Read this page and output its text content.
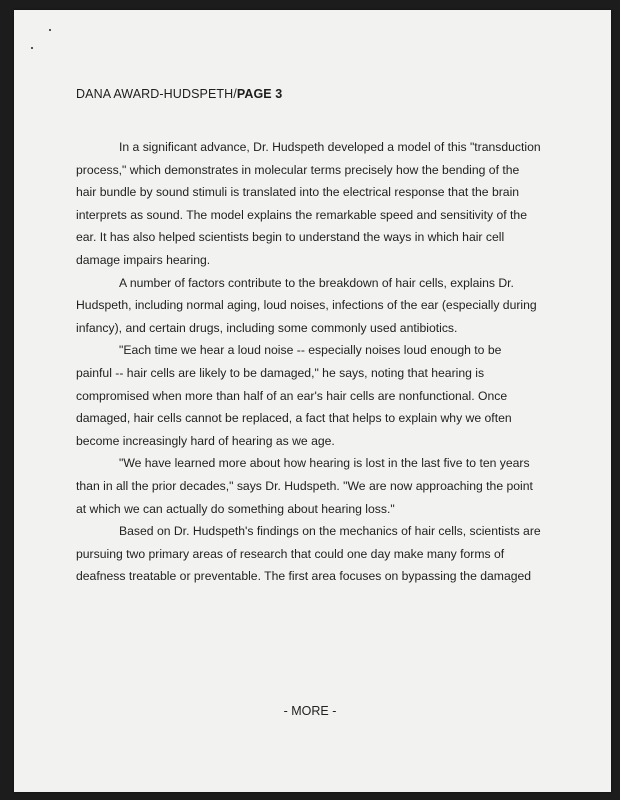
DANA AWARD-HUDSPETH/PAGE 3
In a significant advance, Dr. Hudspeth developed a model of this "transduction
process," which demonstrates in molecular terms precisely how the bending of the
hair bundle by sound stimuli is translated into the electrical response that the brain
interprets as sound. The model explains the remarkable speed and sensitivity of the
ear. It has also helped scientists begin to understand the ways in which hair cell
damage impairs hearing.
A number of factors contribute to the breakdown of hair cells, explains Dr.
Hudspeth, including normal aging, loud noises, infections of the ear (especially during
infancy), and certain drugs, including some commonly used antibiotics.
"Each time we hear a loud noise -- especially noises loud enough to be
painful -- hair cells are likely to be damaged," he says, noting that hearing is
compromised when more than half of an ear's hair cells are nonfunctional. Once
damaged, hair cells cannot be replaced, a fact that helps to explain why we often
become increasingly hard of hearing as we age.
"We have learned more about how hearing is lost in the last five to ten years
than in all the prior decades," says Dr. Hudspeth. "We are now approaching the point
at which we can actually do something about hearing loss."
Based on Dr. Hudspeth's findings on the mechanics of hair cells, scientists are
pursuing two primary areas of research that could one day make many forms of
deafness treatable or preventable. The first area focuses on bypassing the damaged
- MORE -
